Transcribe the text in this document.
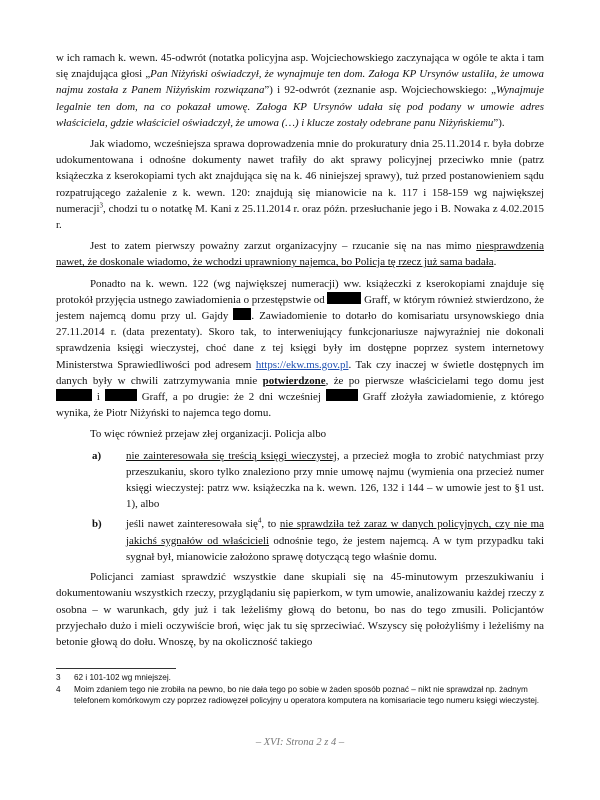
w ich ramach k. wewn. 45-odwrót (notatka policyjna asp. Wojciechowskiego zaczynająca w ogóle te akta i tam się znajdująca głosi „Pan Niżyński oświadczył, że wynajmuje ten dom. Załoga KP Ursynów ustaliła, że umowa najmu została z Panem Niżyńskim rozwiązana”) i 92-odwrót (zeznanie asp. Wojciechowskiego: „Wynajmuje legalnie ten dom, na co pokazał umowę. Załoga KP Ursynów udała się pod podany w umowie adres właściciela, gdzie właściciel oświadczył, że umowa (…) i klucze zostały odebrane panu Niżyńskiemu”).

Jak wiadomo, wcześniejsza sprawa doprowadzenia mnie do prokuratury dnia 25.11.2014 r. była dobrze udokumentowana i odnośne dokumenty nawet trafiły do akt sprawy policyjnej przeciwko mnie (patrz książeczka z kserokopiami tych akt znajdująca się na k. 46 niniejszej sprawy), tuż przed postanowieniem sądu rozpatrującego zażalenie z k. wewn. 120: znajdują się mianowicie na k. 117 i 158-159 wg największej numeracji$^3$, chodzi tu o notatkę M. Kani z 25.11.2014 r. oraz późn. przesłuchanie jego i B. Nowaka z 4.02.2015 r.

Jest to zatem pierwszy poważny zarzut organizacyjny – rzucanie się na nas mimo niesprawdzenia nawet, że doskonale wiadomo, że wchodzi uprawniony najemca, bo Policja tę rzecz już sama badała.

Ponadto na k. wewn. 122 (wg największej numeracji) ww. książeczki z kserokopiami znajduje się protokół przyjęcia ustnego zawiadomienia o przestępstwie od	Graff, w którym również stwierdzono, że jestem najemcą domu przy ul. Gajdy . Zawiadomienie to dotarło do komisariatu ursynowskiego dnia 27.11.2014 r. (data prezentaty). Skoro tak, to interweniujący funkcjonariusze najwyraźniej nie dokonali sprawdzenia księgi wieczystej, choć dane z tej księgi były im dostępne poprzez system internetowy Ministerstwa Sprawiedliwości pod adresem https://ekw.ms.gov.pl. Tak czy inaczej w świetle dostępnych im danych były w chwili zatrzymywania mnie potwierdzone, że po pierwsze właścicielami tego domu jest  i	Graff, a po drugie: że 2 dni wcześniej	Graff złożyła zawiadomienie, z którego wynika, że Piotr Niżyński to najemca tego domu.

To więc również przejaw złej organizacji. Policja albo

a)	nie zainteresowała się treścią księgi wieczystej, a przecież mogła to zrobić natychmiast przy przeszukaniu, skoro tylko znaleziono przy mnie umowę najmu (wymienia ona przecież numer księgi wieczystej: patrz ww. książeczka na k. wewn. 126, 132 i 144 – w umowie jest to §1 ust. 1), albo
b)	jeśli nawet zainteresowała się$^4$, to nie sprawdziła też zaraz w danych policyjnych, czy nie ma jakichś sygnałów od właścicieli odnośnie tego, że jestem najemcą. A w tym przypadku taki sygnał był, mianowicie założono sprawę dotyczącą tego właśnie domu.

Policjanci zamiast sprawdzić wszystkie dane skupiali się na 45-minutowym przeszukiwaniu i dokumentowaniu wszystkich rzeczy, przyglądaniu się papierkom, w tym umowie, analizowaniu każdej rzeczy z osobna – w warunkach, gdy już i tak leżeliśmy głową do betonu, bo nas do tego zmusili. Policjantów przyjechało dużo i mieli oczywiście broń, więc jak tu się sprzeciwiać. Wszyscy się położyliśmy i leżeliśmy na betonie głową do dołu. Wnoszę, by na okoliczność takiego

3	62 i 101-102 wg mniejszej.
4	Moim zdaniem tego nie zrobiła na pewno, bo nie dała tego po sobie w żaden sposób poznać – nikt nie sprawdzał np. żadnym telefonem komórkowym czy poprzez radiowęzeł policyjny u operatora komputera na komisariacie tego numeru księgi wieczystej.
– XVI: Strona 2 z 4 –
